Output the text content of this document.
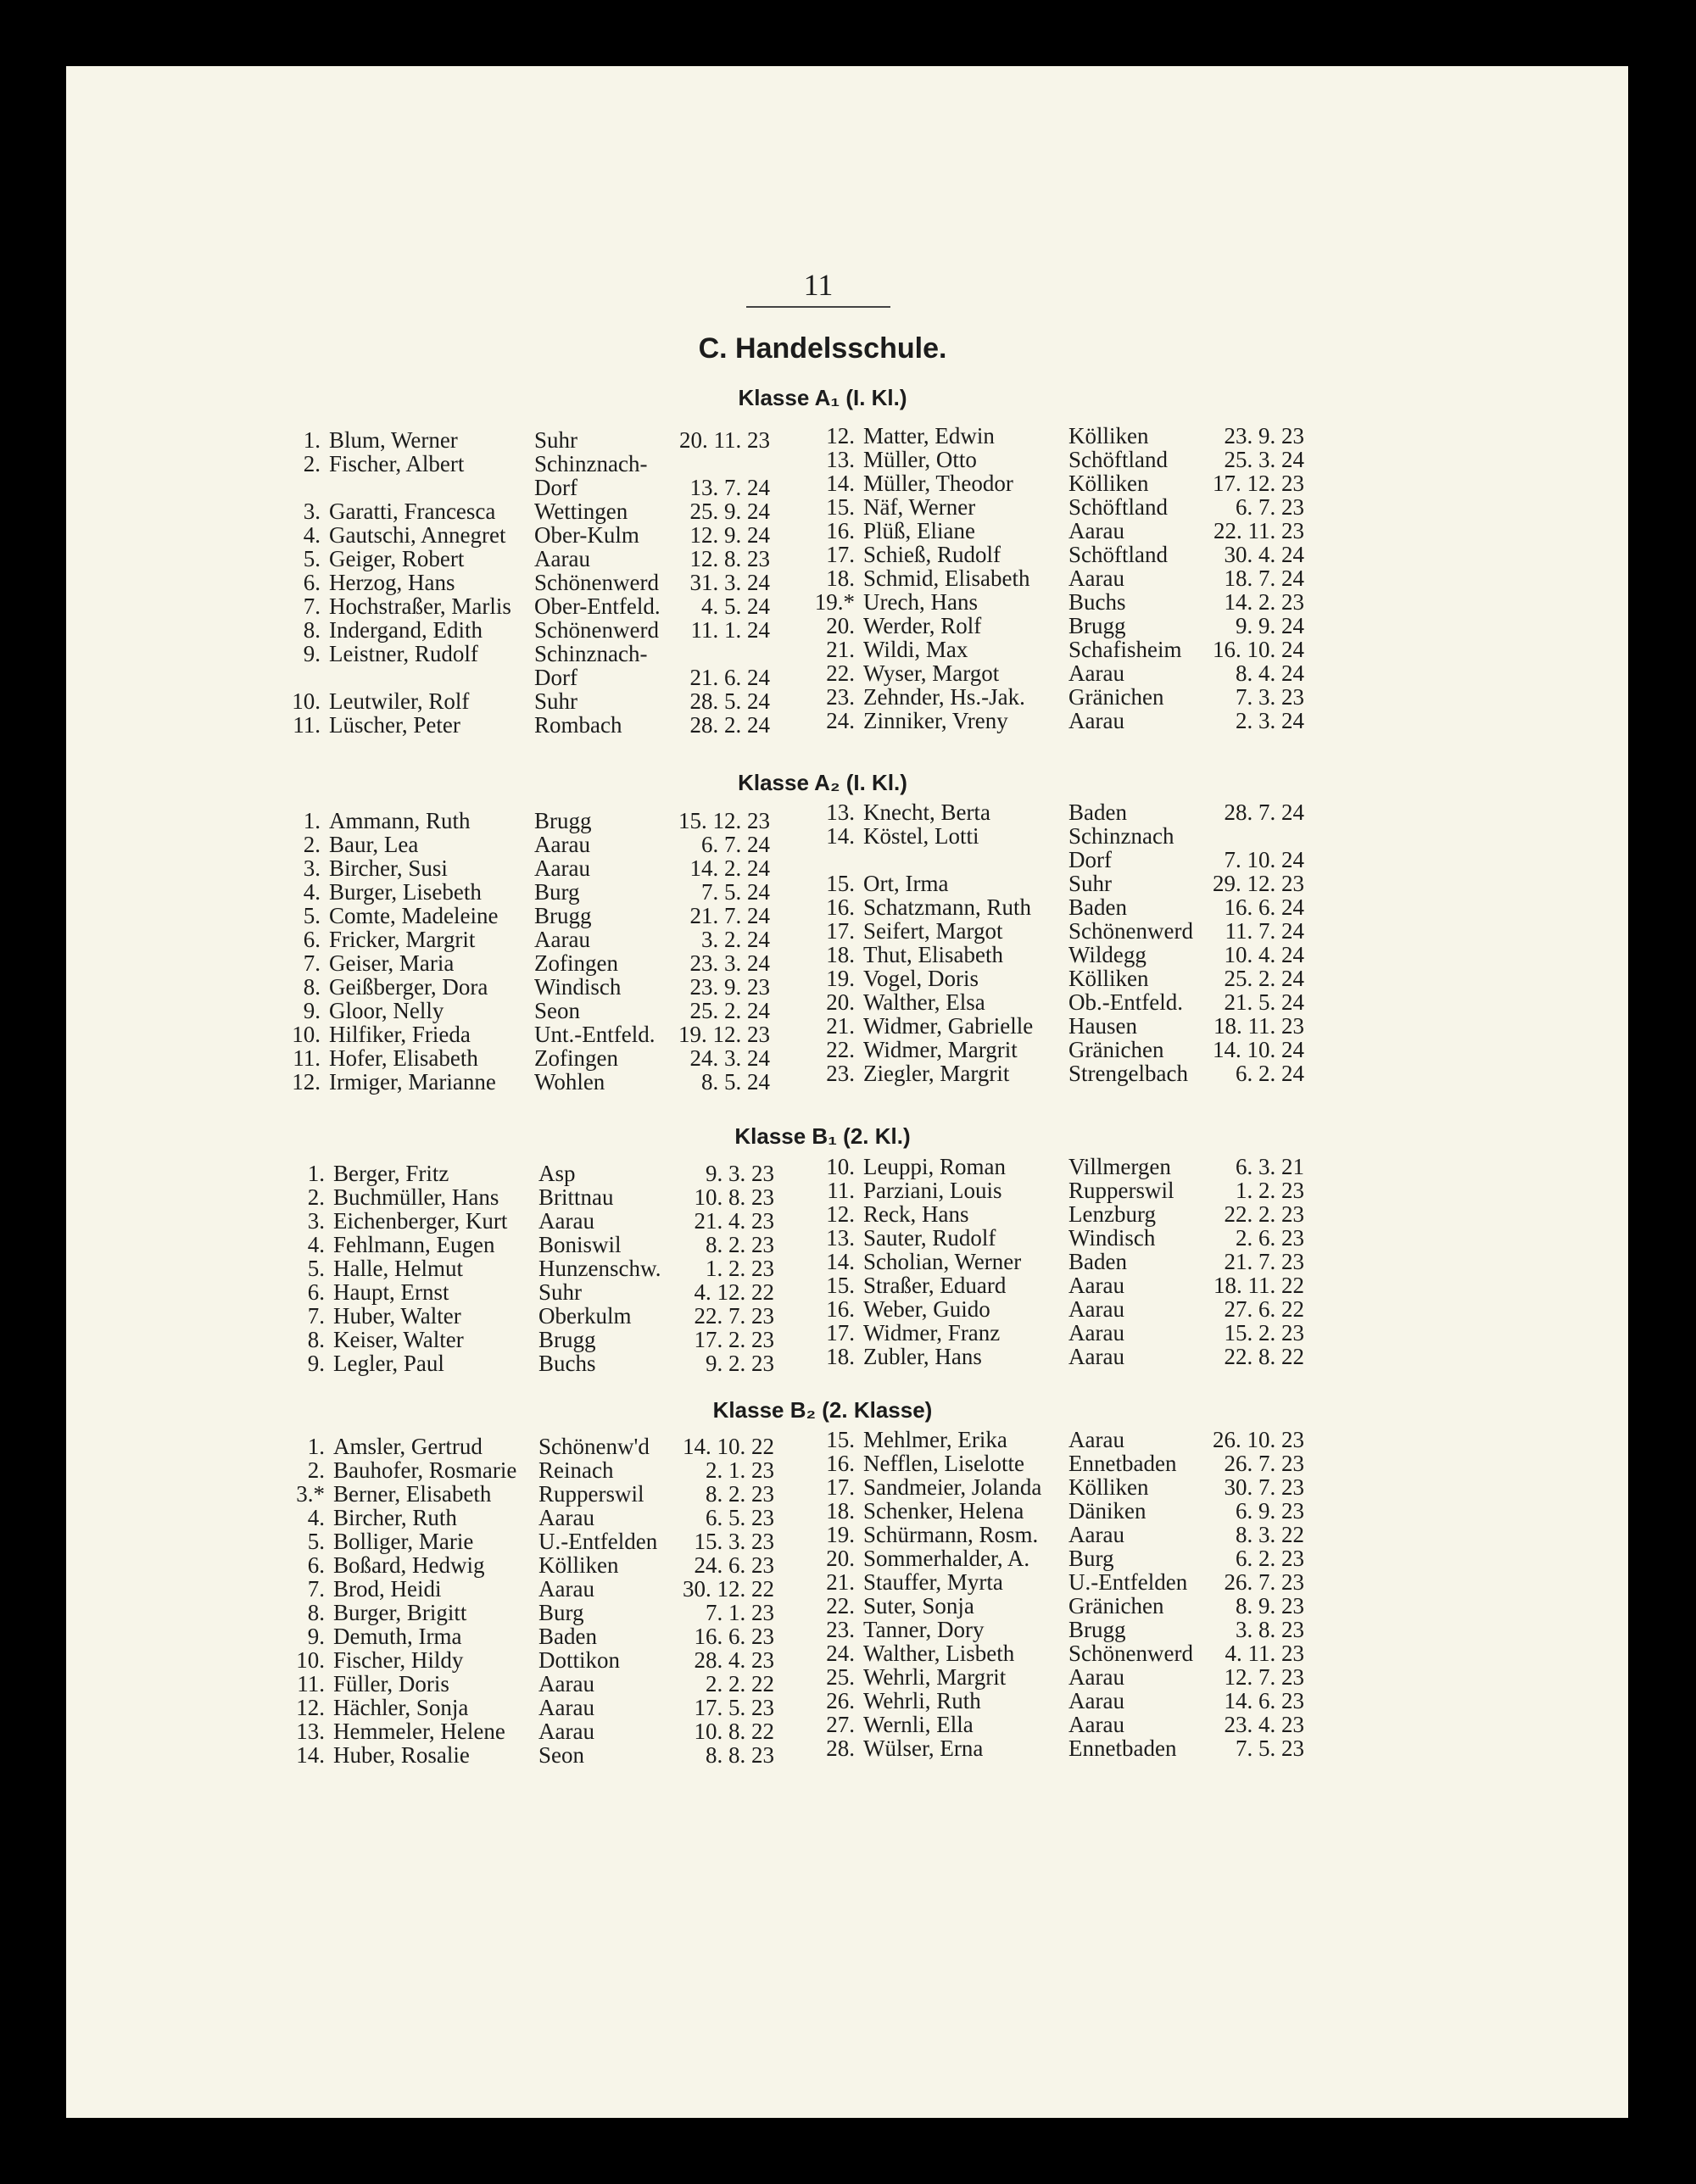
11
C. Handelsschule.
Klasse A₁ (I. Kl.)
1. Blum, Werner	Suhr	20. 11. 23
2. Fischer, Albert	Schinznach-
Dorf	13. 7. 24
3. Garatti, Francesca Wettingen	25. 9. 24
4. Gautschi, Annegret Ober-Kulm	12. 9. 24
5. Geiger, Robert	Aarau	12. 8. 23
6. Herzog, Hans	Schönenwerd	31. 3. 24
7. Hochstraßer, Marlis Ober-Entfeld.	4. 5. 24
8. Indergand, Edith Schönenwerd	11. 1. 24
9. Leistner, Rudolf Schinznach-
Dorf	21. 6. 24
10. Leutwiler, Rolf	Suhr	28. 5. 24
11. Lüscher, Peter	Rombach	28. 2. 24
12. Matter, Edwin	Kölliken	23. 9. 23
13. Müller, Otto	Schöftland	25. 3. 24
14. Müller, Theodor Kölliken	17. 12. 23
15. Näf, Werner	Schöftland	6. 7. 23
16. Plüß, Eliane	Aarau	22. 11. 23
17. Schieß, Rudolf	Schöftland	30. 4. 24
18. Schmid, Elisabeth Aarau	18. 7. 24
19.* Urech, Hans	Buchs	14. 2. 23
20. Werder, Rolf	Brugg	9. 9. 24
21. Wildi, Max	Schafisheim 16. 10. 24
22. Wyser, Margot	Aarau	8. 4. 24
23. Zehnder, Hs.-Jak. Gränichen	7. 3. 23
24. Zinniker, Vreny	Aarau	2. 3. 24
Klasse A₂ (I. Kl.)
1. Ammann, Ruth	Brugg	15. 12. 23
2. Baur, Lea	Aarau	6. 7. 24
3. Bircher, Susi	Aarau	14. 2. 24
4. Burger, Lisebeth Burg	7. 5. 24
5. Comte, Madeleine Brugg	21. 7. 24
6. Fricker, Margrit	Aarau	3. 2. 24
7. Geiser, Maria	Zofingen	23. 3. 24
8. Geißberger, Dora Windisch	23. 9. 23
9. Gloor, Nelly	Seon	25. 2. 24
10. Hilfiker, Frieda	Unt.-Entfeld. 19. 12. 23
11. Hofer, Elisabeth Zofingen	24. 3. 24
12. Irmiger, Marianne Wohlen	8. 5. 24
13. Knecht, Berta	Baden	28. 7. 24
14. Köstel, Lotti	Schinznach
Dorf	7. 10. 24
15. Ort, Irma	Suhr	29. 12. 23
16. Schatzmann, Ruth Baden	16. 6. 24
17. Seifert, Margot	Schönenwerd	11. 7. 24
18. Thut, Elisabeth	Wildegg	10. 4. 24
19. Vogel, Doris	Kölliken	25. 2. 24
20. Walther, Elsa	Ob.-Entfeld.	21. 5. 24
21. Widmer, Gabrielle Hausen	18. 11. 23
22. Widmer, Margrit Gränichen 14. 10. 24
23. Ziegler, Margrit	Strengelbach	6. 2. 24
Klasse B₁ (2. Kl.)
1. Berger, Fritz	Asp	9. 3. 23
2. Buchmüller, Hans Brittnau	10. 8. 23
3. Eichenberger, Kurt Aarau	21. 4. 23
4. Fehlmann, Eugen Boniswil	8. 2. 23
5. Halle, Helmut	Hunzenschw.	1. 2. 23
6. Haupt, Ernst	Suhr	4. 12. 22
7. Huber, Walter	Oberkulm	22. 7. 23
8. Keiser, Walter	Brugg	17. 2. 23
9. Legler, Paul	Buchs	9. 2. 23
10. Leuppi, Roman	Villmergen	6. 3. 21
11. Parziani, Louis	Rupperswil	1. 2. 23
12. Reck, Hans	Lenzburg	22. 2. 23
13. Sauter, Rudolf	Windisch	2. 6. 23
14. Scholian, Werner Baden	21. 7. 23
15. Straßer, Eduard	Aarau	18. 11. 22
16. Weber, Guido	Aarau	27. 6. 22
17. Widmer, Franz	Aarau	15. 2. 23
18. Zubler, Hans	Aarau	22. 8. 22
Klasse B₂ (2. Klasse)
1. Amsler, Gertrud Schönenw'd 14. 10. 22
2. Bauhofer, Rosmarie Reinach	2. 1. 23
3.* Berner, Elisabeth Rupperswil	8. 2. 23
4. Bircher, Ruth	Aarau	6. 5. 23
5. Bolliger, Marie	U.-Entfelden	15. 3. 23
6. Boßard, Hedwig Kölliken	24. 6. 23
7. Brod, Heidi	Aarau	30. 12. 22
8. Burger, Brigitt	Burg	7. 1. 23
9. Demuth, Irma	Baden	16. 6. 23
10. Fischer, Hildy	Dottikon	28. 4. 23
11. Füller, Doris	Aarau	2. 2. 22
12. Hächler, Sonja	Aarau	17. 5. 23
13. Hemmeler, Helene Aarau	10. 8. 22
14. Huber, Rosalie	Seon	8. 8. 23
15. Mehlmer, Erika	Aarau	26. 10. 23
16. Nefflen, Liselotte Ennetbaden	26. 7. 23
17. Sandmeier, Jolanda Kölliken	30. 7. 23
18. Schenker, Helena Däniken	6. 9. 23
19. Schürmann, Rosm. Aarau	8. 3. 22
20. Sommerhalder, A. Burg	6. 2. 23
21. Stauffer, Myrta	U.-Entfelden	26. 7. 23
22. Suter, Sonja	Gränichen	8. 9. 23
23. Tanner, Dory	Brugg	3. 8. 23
24. Walther, Lisbeth Schönenwerd	4. 11. 23
25. Wehrli, Margrit	Aarau	12. 7. 23
26. Wehrli, Ruth	Aarau	14. 6. 23
27. Wernli, Ella	Aarau	23. 4. 23
28. Wülser, Erna	Ennetbaden	7. 5. 23
